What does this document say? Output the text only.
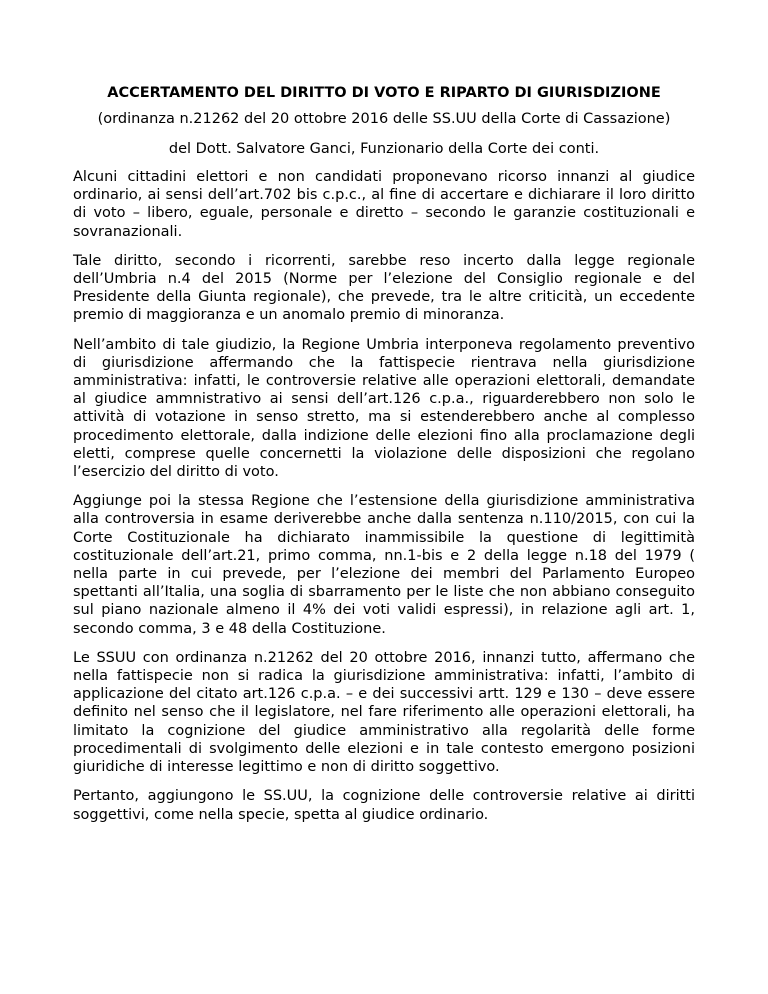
ACCERTAMENTO DEL DIRITTO DI VOTO E RIPARTO DI GIURISDIZIONE
(ordinanza n.21262 del 20 ottobre 2016 delle SS.UU della Corte di Cassazione)
del Dott. Salvatore Ganci, Funzionario della Corte dei conti.

Alcuni cittadini elettori e non candidati proponevano ricorso innanzi al giudice ordinario, ai sensi dell’art.702 bis c.p.c., al fine di accertare e dichiarare il loro diritto di voto – libero, eguale, personale e diretto – secondo le garanzie costituzionali e sovranazionali.

Tale diritto, secondo i ricorrenti, sarebbe reso incerto dalla legge regionale dell’Umbria n.4 del 2015 (Norme per l’elezione del Consiglio regionale e del Presidente della Giunta regionale), che prevede, tra le altre criticità, un eccedente premio di maggioranza e un anomalo premio di minoranza.

Nell’ambito di tale giudizio, la Regione Umbria interponeva regolamento preventivo di giurisdizione affermando che la fattispecie rientrava nella giurisdizione amministrativa: infatti, le controversie relative alle operazioni elettorali, demandate al giudice ammnistrativo ai sensi dell’art.126 c.p.a., riguarderebbero non solo le attività di votazione in senso stretto, ma si estenderebbero anche al complesso procedimento elettorale, dalla indizione delle elezioni fino alla proclamazione degli eletti, comprese quelle concernetti la violazione delle disposizioni che regolano l’esercizio del diritto di voto.

Aggiunge poi la stessa Regione che l’estensione della giurisdizione amministrativa alla controversia in esame deriverebbe anche dalla sentenza n.110/2015, con cui la Corte Costituzionale ha dichiarato inammissibile la questione di legittimità costituzionale dell’art.21, primo comma, nn.1-bis e 2 della legge n.18 del 1979 ( nella parte in cui prevede, per l’elezione dei membri del Parlamento Europeo spettanti all’Italia, una soglia di sbarramento per le liste che non abbiano conseguito sul piano nazionale almeno il 4% dei voti validi espressi), in relazione agli art. 1, secondo comma, 3 e 48 della Costituzione.

Le SSUU con ordinanza n.21262 del 20 ottobre 2016, innanzi tutto, affermano che nella fattispecie non si radica la giurisdizione amministrativa: infatti, l’ambito di applicazione del citato art.126 c.p.a. – e dei successivi artt. 129 e 130 – deve essere definito nel senso che il legislatore, nel fare riferimento alle operazioni elettorali, ha limitato la cognizione del giudice amministrativo alla regolarità delle forme procedimentali di svolgimento delle elezioni e in tale contesto emergono posizioni giuridiche di interesse legittimo e non di diritto soggettivo.

Pertanto, aggiungono le SS.UU, la cognizione delle controversie relative ai diritti soggettivi, come nella specie, spetta al giudice ordinario.
